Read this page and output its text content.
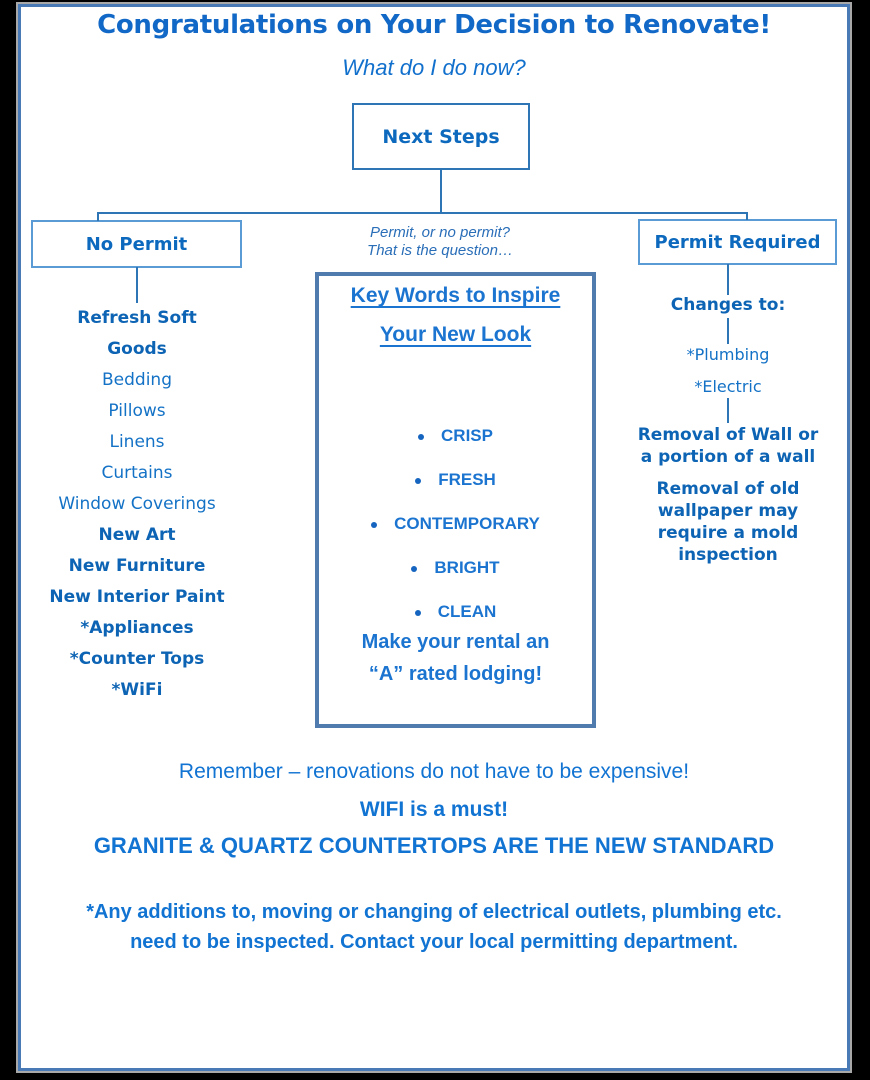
Congratulations on Your Decision to Renovate!
What do I do now?
Next Steps
No Permit	Permit Required
Permit, or no permit?
That is the question…
Refresh Soft
Goods
Bedding
Pillows
Linens
Curtains
Window Coverings
New Art
New Furniture
New Interior Paint
*Appliances
*Counter Tops
*WiFi
Key Words to Inspire
Your New Look
CRISP
FRESH
CONTEMPORARY
BRIGHT
CLEAN
Make your rental an
“A” rated lodging!
Changes to:
*Plumbing
*Electric
Removal of Wall or
a portion of a wall
Removal of old
wallpaper may
require a mold
inspection
Remember – renovations do not have to be expensive!
WIFI is a must!
GRANITE & QUARTZ COUNTERTOPS ARE THE NEW STANDARD
*Any additions to, moving or changing of electrical outlets, plumbing etc.
need to be inspected. Contact your local permitting department.
